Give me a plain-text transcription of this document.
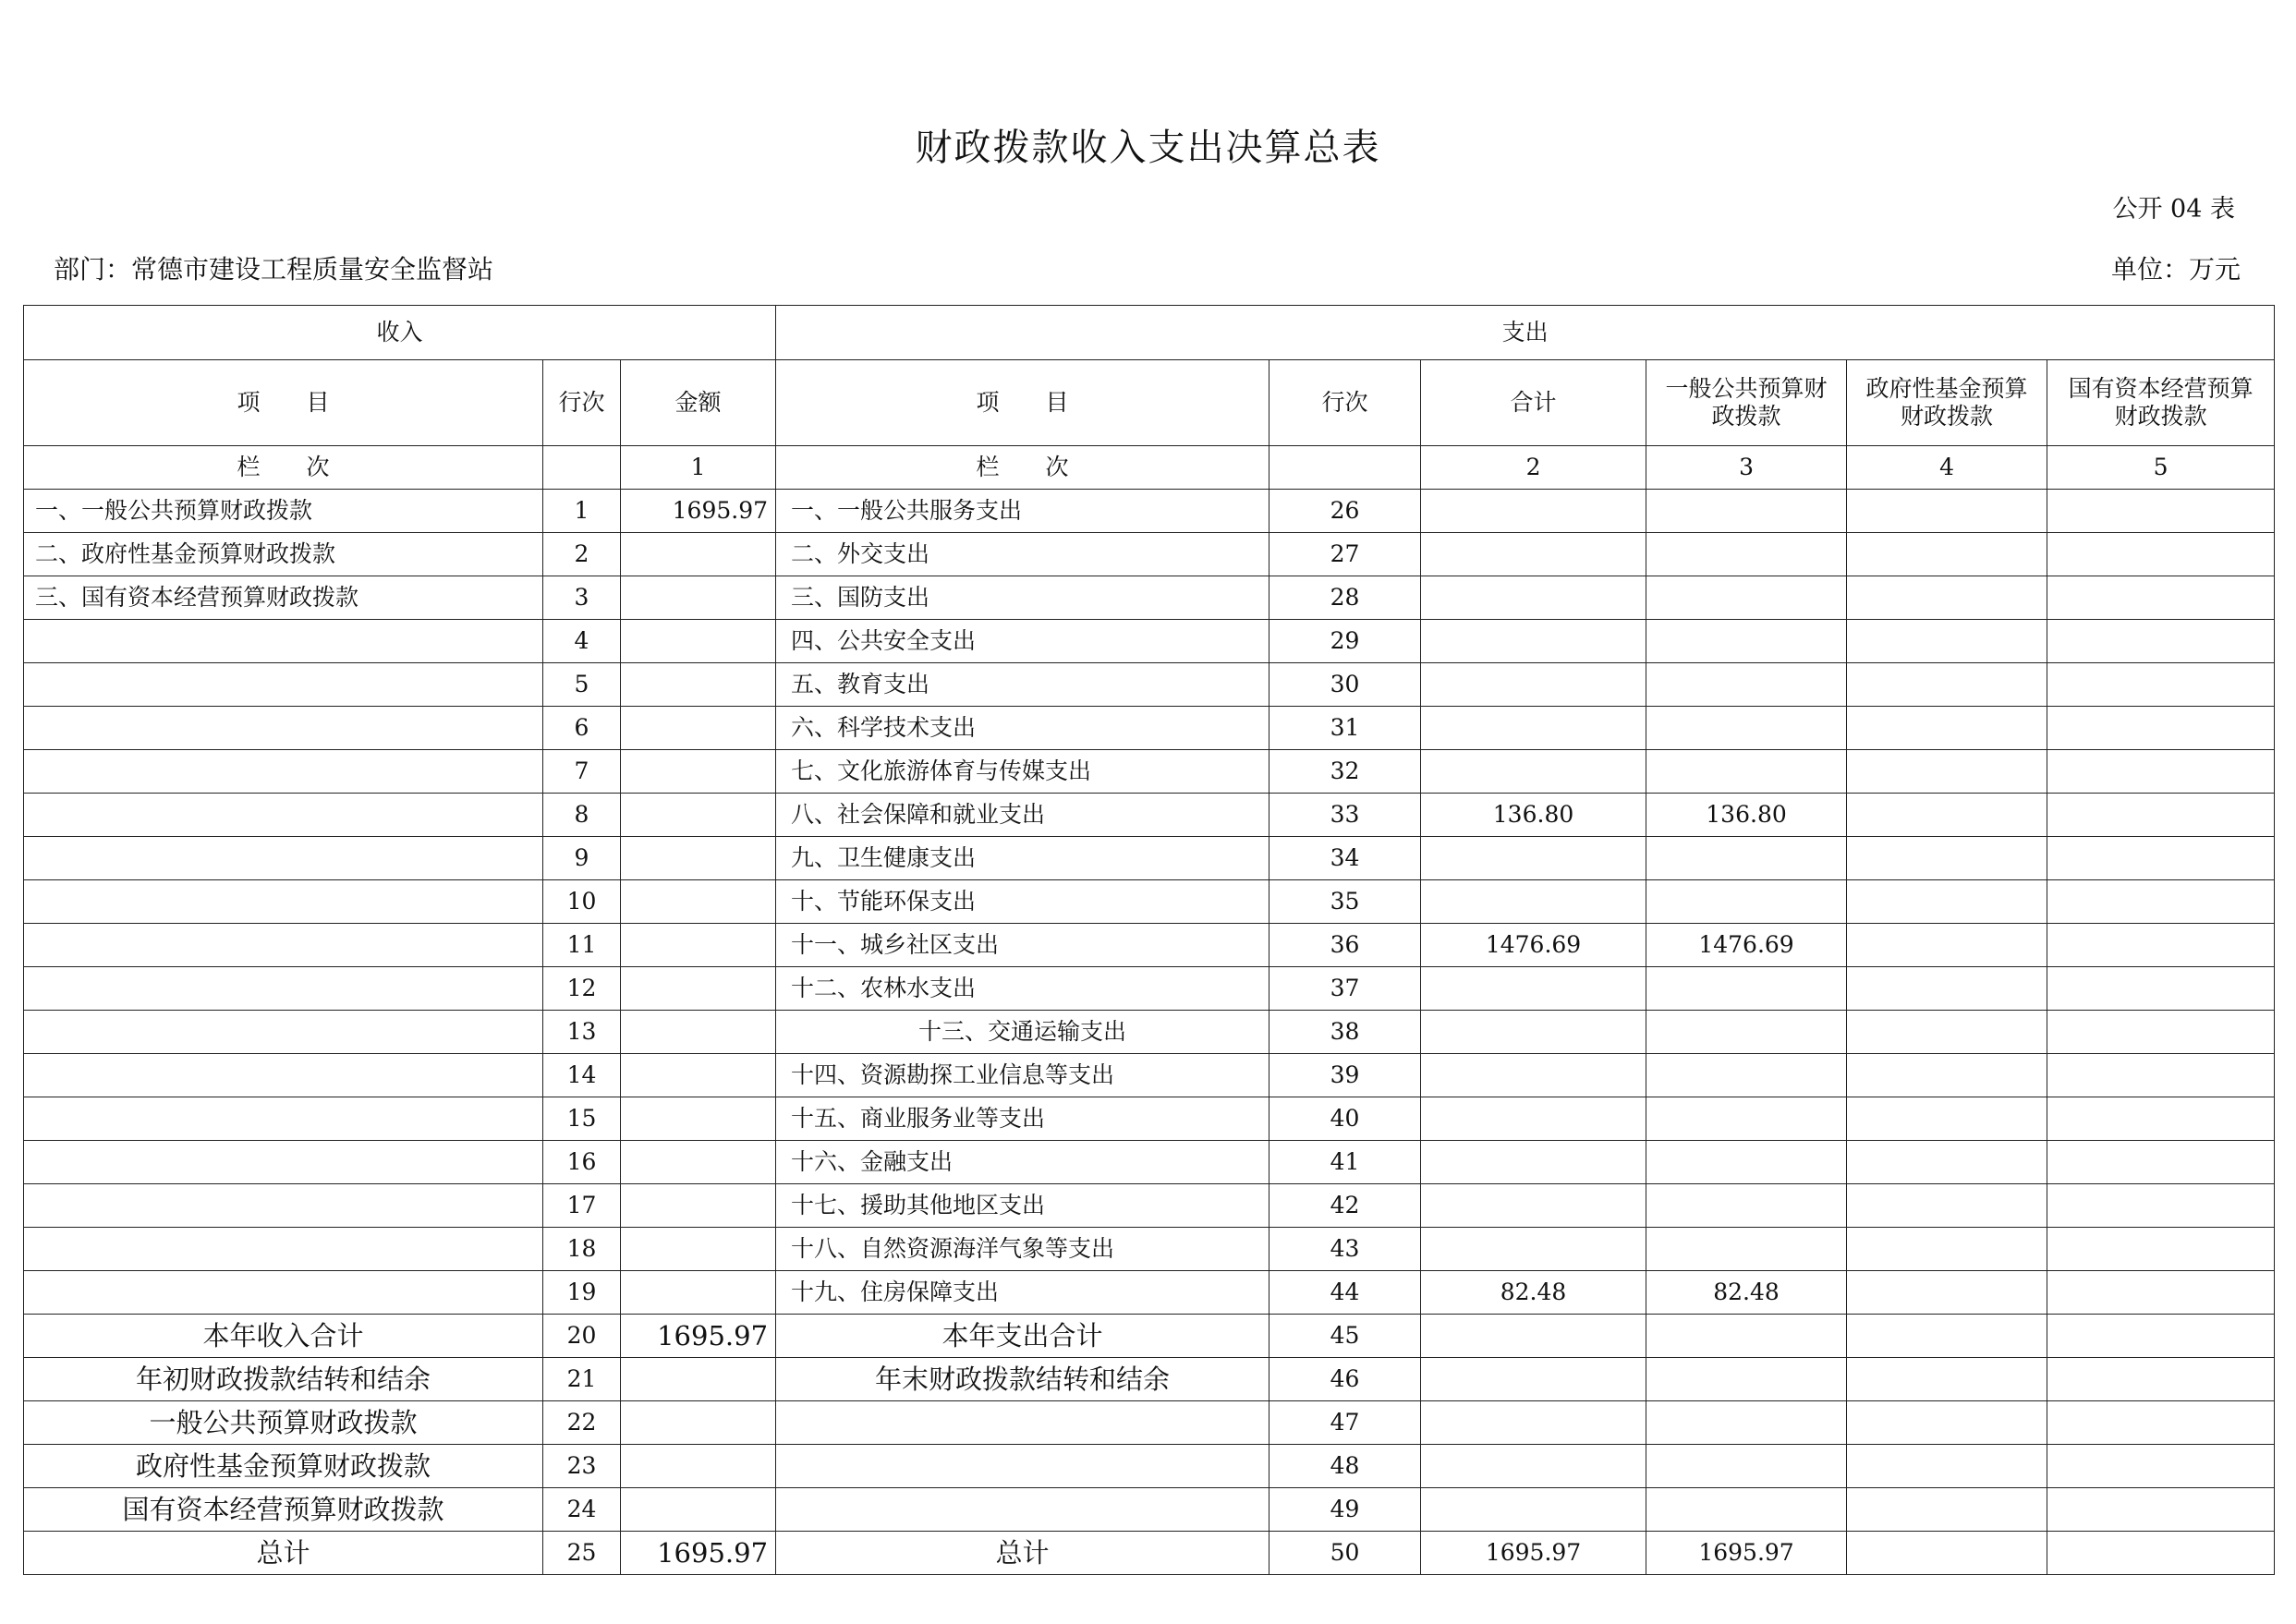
财政拨款收入支出决算总表
公开 04 表
部门：常德市建设工程质量安全监督站	单位：万元
收入			支出					
项　　目	行次	金额	项　　目	行次	合计	一般公共预算财政拨款	政府性基金预算财政拨款	国有资本经营预算财政拨款
栏　　次		1	栏　　次		2	3	4	5
一、一般公共预算财政拨款	1	1695.97	一、一般公共服务支出	26				
二、政府性基金预算财政拨款	2		二、外交支出	27				
三、国有资本经营预算财政拨款	3		三、国防支出	28				
	4		四、公共安全支出	29				
	5		五、教育支出	30				
	6		六、科学技术支出	31				
	7		七、文化旅游体育与传媒支出	32				
	8		八、社会保障和就业支出	33	136.80	136.80		
	9		九、卫生健康支出	34				
	10		十、节能环保支出	35				
	11		十一、城乡社区支出	36	1476.69	1476.69		
	12		十二、农林水支出	37				
	13		十三、交通运输支出	38				
	14		十四、资源勘探工业信息等支出	39				
	15		十五、商业服务业等支出	40				
	16		十六、金融支出	41				
	17		十七、援助其他地区支出	42				
	18		十八、自然资源海洋气象等支出	43				
	19		十九、住房保障支出	44	82.48	82.48		
本年收入合计	20	1695.97	本年支出合计	45				
年初财政拨款结转和结余	21		年末财政拨款结转和结余	46				
一般公共预算财政拨款	22			47				
政府性基金预算财政拨款	23			48				
国有资本经营预算财政拨款	24			49				
总计	25	1695.97	总计	50	1695.97	1695.97		
